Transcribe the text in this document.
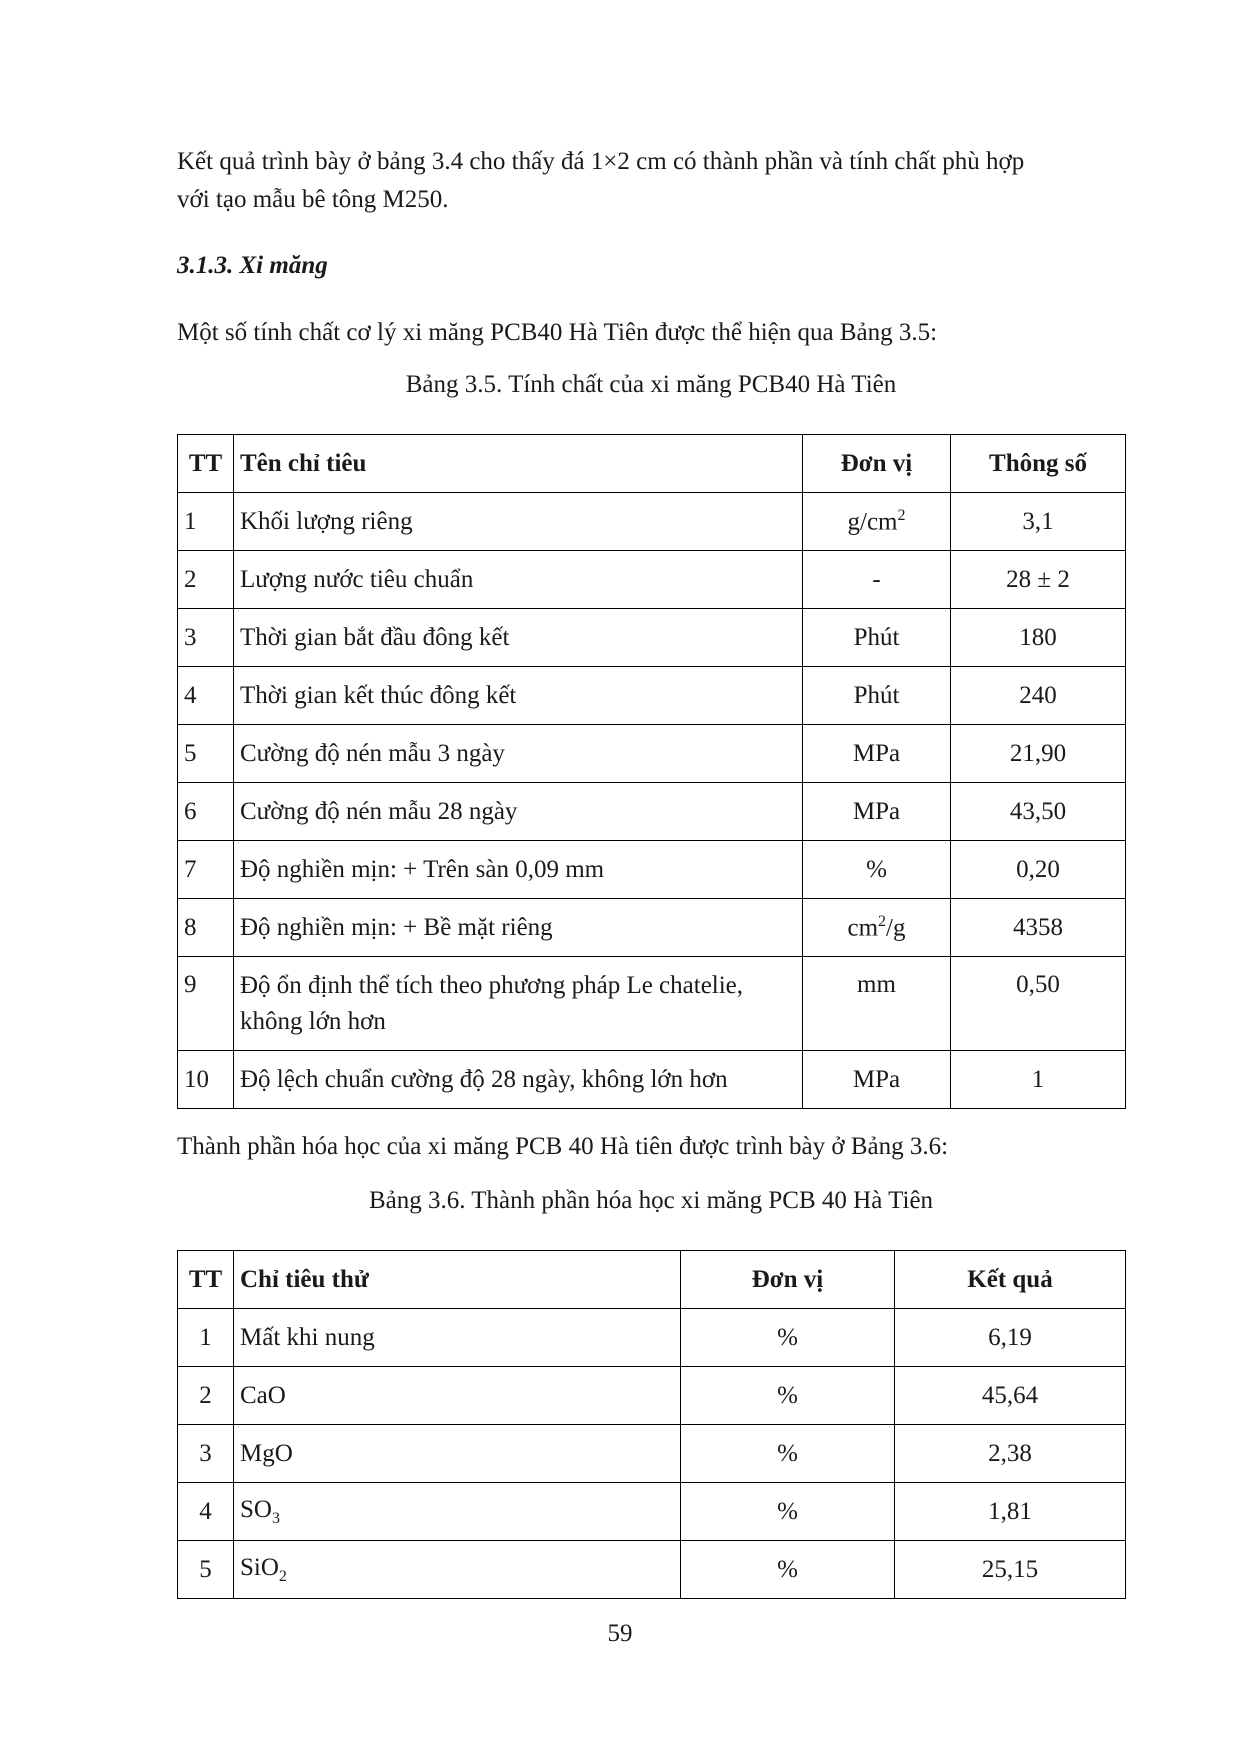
Kết quả trình bày ở bảng 3.4 cho thấy đá 1×2 cm có thành phần và tính chất phù hợp
với tạo mẫu bê tông M250.

3.1.3. Xi măng

Một số tính chất cơ lý xi măng PCB40 Hà Tiên được thể hiện qua Bảng 3.5:

Bảng 3.5. Tính chất của xi măng PCB40 Hà Tiên

TT	Tên chỉ tiêu	Đơn vị	Thông số
1	Khối lượng riêng	$g/cm^2$	3,1
2	Lượng nước tiêu chuẩn	-	28 ± 2
3	Thời gian bắt đầu đông kết	Phút	180
4	Thời gian kết thúc đông kết	Phút	240
5	Cường độ nén mẫu 3 ngày	MPa	21,90
6	Cường độ nén mẫu 28 ngày	MPa	43,50
7	Độ nghiền mịn: + Trên sàn 0,09 mm	%	0,20
8	Độ nghiền mịn: + Bề mặt riêng	$cm^2/g$	4358
9	Độ ổn định thể tích theo phương pháp Le chatelie, không lớn hơn	mm	0,50
10	Độ lệch chuẩn cường độ 28 ngày, không lớn hơn	MPa	1

Thành phần hóa học của xi măng PCB 40 Hà tiên được trình bày ở Bảng 3.6:

Bảng 3.6. Thành phần hóa học xi măng PCB 40 Hà Tiên

TT	Chỉ tiêu thử	Đơn vị	Kết quả
1	Mất khi nung	%	6,19
2	CaO	%	45,64
3	MgO	%	2,38
4	$SO_3$	%	1,81
5	SiO$_2$	%	25,15
59
